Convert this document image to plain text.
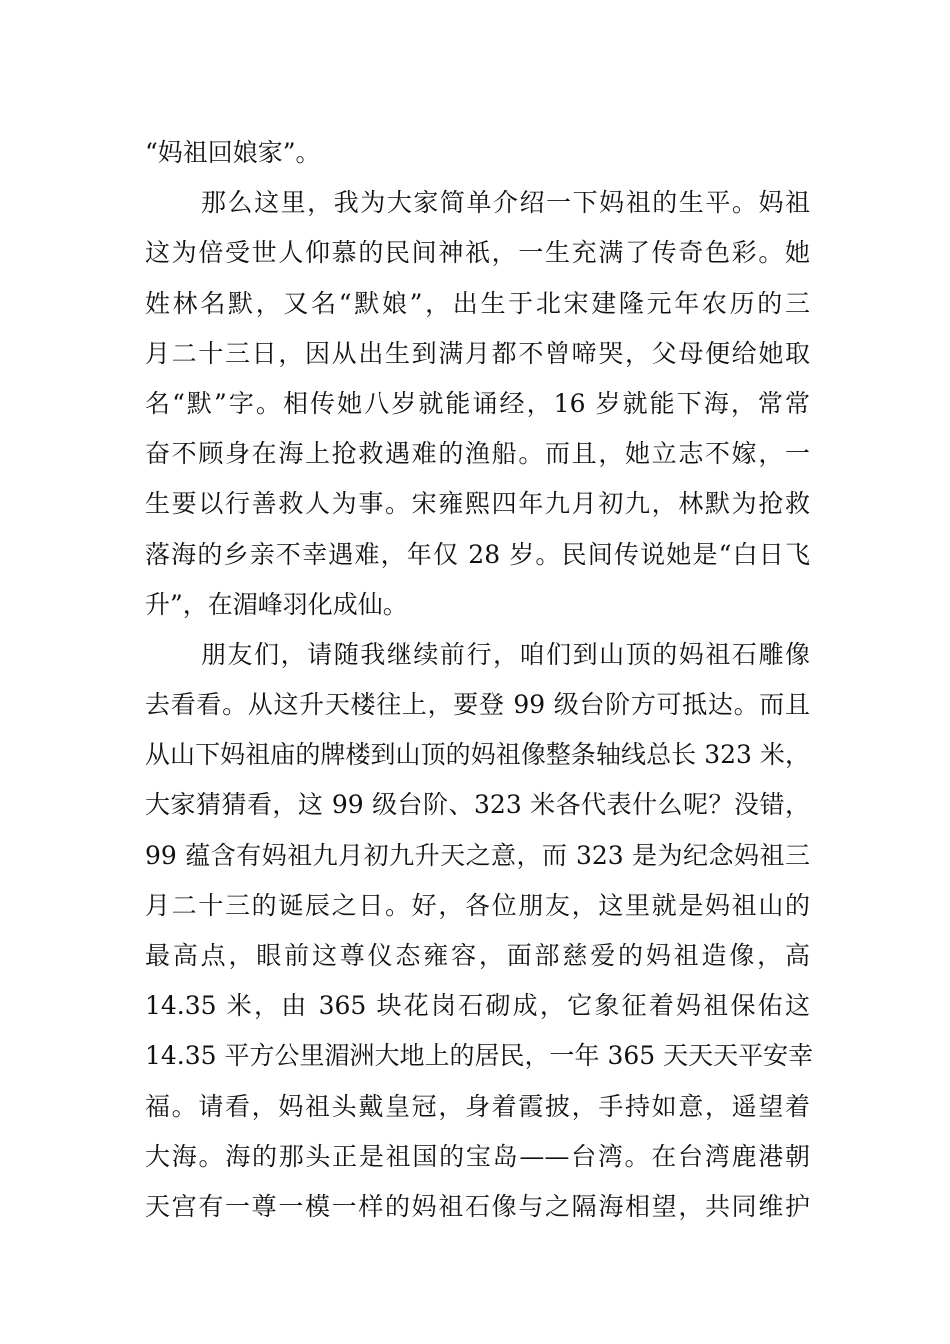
“妈祖回娘家”。
那么这里，我为大家简单介绍一下妈祖的生平。妈祖
这为倍受世人仰慕的民间神祇，一生充满了传奇色彩。她
姓林名默，又名“默娘”，出生于北宋建隆元年农历的三
月二十三日，因从出生到满月都不曾啼哭，父母便给她取
名“默”字。相传她八岁就能诵经，16 岁就能下海，常常
奋不顾身在海上抢救遇难的渔船。而且，她立志不嫁，一
生要以行善救人为事。宋雍熙四年九月初九，林默为抢救
落海的乡亲不幸遇难，年仅 28 岁。民间传说她是“白日飞
升”，在湄峰羽化成仙。
朋友们，请随我继续前行，咱们到山顶的妈祖石雕像
去看看。从这升天楼往上，要登 99 级台阶方可抵达。而且
从山下妈祖庙的牌楼到山顶的妈祖像整条轴线总长 323 米，
大家猜猜看，这 99 级台阶、323 米各代表什么呢？没错，
99 蕴含有妈祖九月初九升天之意，而 323 是为纪念妈祖三
月二十三的诞辰之日。好，各位朋友，这里就是妈祖山的
最高点，眼前这尊仪态雍容，面部慈爱的妈祖造像，高
14.35 米，由 365 块花岗石砌成，它象征着妈祖保佑这
14.35 平方公里湄洲大地上的居民，一年 365 天天天平安幸
福。请看，妈祖头戴皇冠，身着霞披，手持如意，遥望着
大海。海的那头正是祖国的宝岛——台湾。在台湾鹿港朝
天宫有一尊一模一样的妈祖石像与之隔海相望，共同维护
